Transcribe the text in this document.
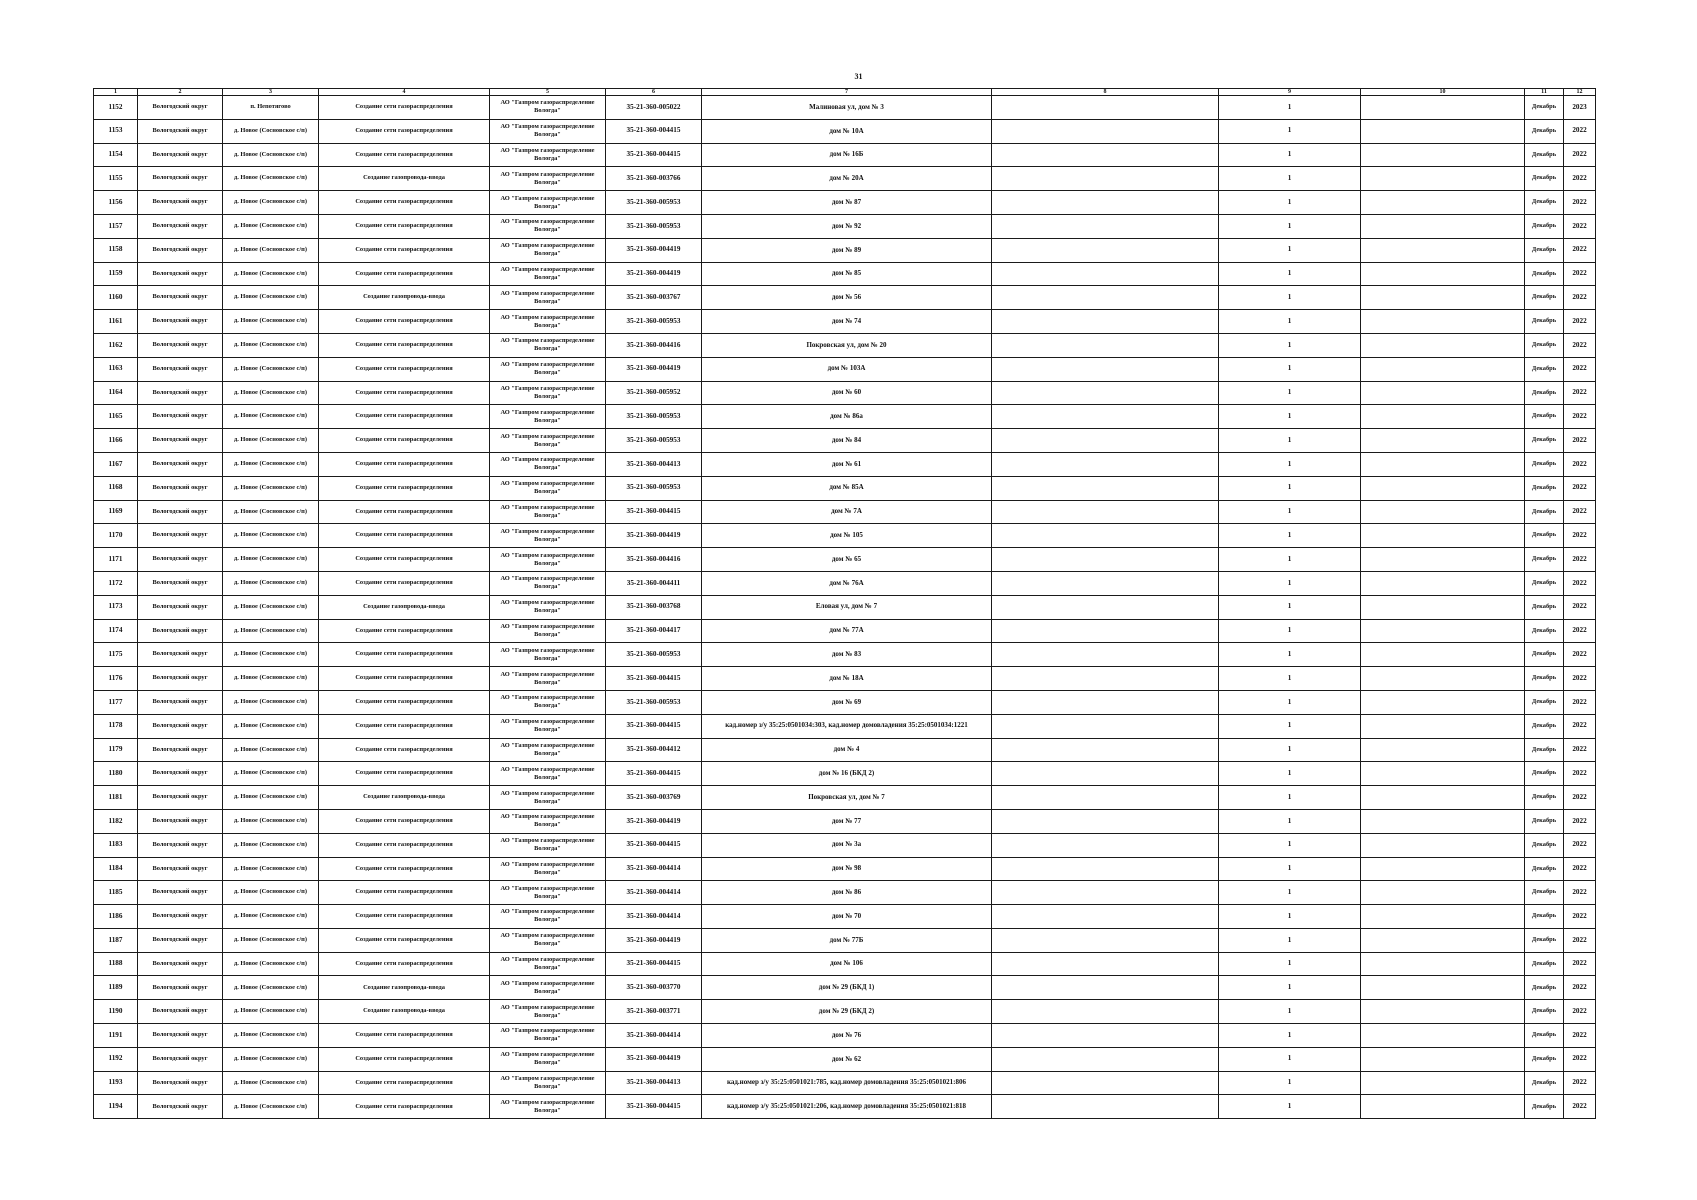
31
1	2	3	4	5	6	7	8	9	10	11	12
1152	Вологодский округ	п. Непотягово	Создание сети газораспределения	АО "Газпром газораспределение Вологда"	35-21-360-005022	Малиновая ул, дом № 3		1		Декабрь	2023
1153	Вологодский округ	д. Новое (Сосновское с/п)	Создание сети газораспределения	АО "Газпром газораспределение Вологда"	35-21-360-004415	дом № 10А		1		Декабрь	2022
1154	Вологодский округ	д. Новое (Сосновское с/п)	Создание сети газораспределения	АО "Газпром газораспределение Вологда"	35-21-360-004415	дом № 16Б		1		Декабрь	2022
1155	Вологодский округ	д. Новое (Сосновское с/п)	Создание газопровода-ввода	АО "Газпром газораспределение Вологда"	35-21-360-003766	дом № 20А		1		Декабрь	2022
1156	Вологодский округ	д. Новое (Сосновское с/п)	Создание сети газораспределения	АО "Газпром газораспределение Вологда"	35-21-360-005953	дом № 87		1		Декабрь	2022
1157	Вологодский округ	д. Новое (Сосновское с/п)	Создание сети газораспределения	АО "Газпром газораспределение Вологда"	35-21-360-005953	дом № 92		1		Декабрь	2022
1158	Вологодский округ	д. Новое (Сосновское с/п)	Создание сети газораспределения	АО "Газпром газораспределение Вологда"	35-21-360-004419	дом № 89		1		Декабрь	2022
1159	Вологодский округ	д. Новое (Сосновское с/п)	Создание сети газораспределения	АО "Газпром газораспределение Вологда"	35-21-360-004419	дом № 85		1		Декабрь	2022
1160	Вологодский округ	д. Новое (Сосновское с/п)	Создание газопровода-ввода	АО "Газпром газораспределение Вологда"	35-21-360-003767	дом № 56		1		Декабрь	2022
1161	Вологодский округ	д. Новое (Сосновское с/п)	Создание сети газораспределения	АО "Газпром газораспределение Вологда"	35-21-360-005953	дом № 74		1		Декабрь	2022
1162	Вологодский округ	д. Новое (Сосновское с/п)	Создание сети газораспределения	АО "Газпром газораспределение Вологда"	35-21-360-004416	Покровская ул, дом № 20		1		Декабрь	2022
1163	Вологодский округ	д. Новое (Сосновское с/п)	Создание сети газораспределения	АО "Газпром газораспределение Вологда"	35-21-360-004419	дом № 103А		1		Декабрь	2022
1164	Вологодский округ	д. Новое (Сосновское с/п)	Создание сети газораспределения	АО "Газпром газораспределение Вологда"	35-21-360-005952	дом № 60		1		Декабрь	2022
1165	Вологодский округ	д. Новое (Сосновское с/п)	Создание сети газораспределения	АО "Газпром газораспределение Вологда"	35-21-360-005953	дом № 86а		1		Декабрь	2022
1166	Вологодский округ	д. Новое (Сосновское с/п)	Создание сети газораспределения	АО "Газпром газораспределение Вологда"	35-21-360-005953	дом № 84		1		Декабрь	2022
1167	Вологодский округ	д. Новое (Сосновское с/п)	Создание сети газораспределения	АО "Газпром газораспределение Вологда"	35-21-360-004413	дом № 61		1		Декабрь	2022
1168	Вологодский округ	д. Новое (Сосновское с/п)	Создание сети газораспределения	АО "Газпром газораспределение Вологда"	35-21-360-005953	дом № 85А		1		Декабрь	2022
1169	Вологодский округ	д. Новое (Сосновское с/п)	Создание сети газораспределения	АО "Газпром газораспределение Вологда"	35-21-360-004415	дом № 7А		1		Декабрь	2022
1170	Вологодский округ	д. Новое (Сосновское с/п)	Создание сети газораспределения	АО "Газпром газораспределение Вологда"	35-21-360-004419	дом № 105		1		Декабрь	2022
1171	Вологодский округ	д. Новое (Сосновское с/п)	Создание сети газораспределения	АО "Газпром газораспределение Вологда"	35-21-360-004416	дом № 65		1		Декабрь	2022
1172	Вологодский округ	д. Новое (Сосновское с/п)	Создание сети газораспределения	АО "Газпром газораспределение Вологда"	35-21-360-004411	дом № 76А		1		Декабрь	2022
1173	Вологодский округ	д. Новое (Сосновское с/п)	Создание газопровода-ввода	АО "Газпром газораспределение Вологда"	35-21-360-003768	Еловая ул, дом № 7		1		Декабрь	2022
1174	Вологодский округ	д. Новое (Сосновское с/п)	Создание сети газораспределения	АО "Газпром газораспределение Вологда"	35-21-360-004417	дом № 77А		1		Декабрь	2022
1175	Вологодский округ	д. Новое (Сосновское с/п)	Создание сети газораспределения	АО "Газпром газораспределение Вологда"	35-21-360-005953	дом № 83		1		Декабрь	2022
1176	Вологодский округ	д. Новое (Сосновское с/п)	Создание сети газораспределения	АО "Газпром газораспределение Вологда"	35-21-360-004415	дом № 18А		1		Декабрь	2022
1177	Вологодский округ	д. Новое (Сосновское с/п)	Создание сети газораспределения	АО "Газпром газораспределение Вологда"	35-21-360-005953	дом № 69		1		Декабрь	2022
1178	Вологодский округ	д. Новое (Сосновское с/п)	Создание сети газораспределения	АО "Газпром газораспределение Вологда"	35-21-360-004415	кад.номер з/у 35:25:0501034:303, кад.номер домовладения 35:25:0501034:1221		1		Декабрь	2022
1179	Вологодский округ	д. Новое (Сосновское с/п)	Создание сети газораспределения	АО "Газпром газораспределение Вологда"	35-21-360-004412	дом № 4		1		Декабрь	2022
1180	Вологодский округ	д. Новое (Сосновское с/п)	Создание сети газораспределения	АО "Газпром газораспределение Вологда"	35-21-360-004415	дом № 16 (БКД 2)		1		Декабрь	2022
1181	Вологодский округ	д. Новое (Сосновское с/п)	Создание газопровода-ввода	АО "Газпром газораспределение Вологда"	35-21-360-003769	Покровская ул, дом № 7		1		Декабрь	2022
1182	Вологодский округ	д. Новое (Сосновское с/п)	Создание сети газораспределения	АО "Газпром газораспределение Вологда"	35-21-360-004419	дом № 77		1		Декабрь	2022
1183	Вологодский округ	д. Новое (Сосновское с/п)	Создание сети газораспределения	АО "Газпром газораспределение Вологда"	35-21-360-004415	дом № 3а		1		Декабрь	2022
1184	Вологодский округ	д. Новое (Сосновское с/п)	Создание сети газораспределения	АО "Газпром газораспределение Вологда"	35-21-360-004414	дом № 98		1		Декабрь	2022
1185	Вологодский округ	д. Новое (Сосновское с/п)	Создание сети газораспределения	АО "Газпром газораспределение Вологда"	35-21-360-004414	дом № 86		1		Декабрь	2022
1186	Вологодский округ	д. Новое (Сосновское с/п)	Создание сети газораспределения	АО "Газпром газораспределение Вологда"	35-21-360-004414	дом № 70		1		Декабрь	2022
1187	Вологодский округ	д. Новое (Сосновское с/п)	Создание сети газораспределения	АО "Газпром газораспределение Вологда"	35-21-360-004419	дом № 77Б		1		Декабрь	2022
1188	Вологодский округ	д. Новое (Сосновское с/п)	Создание сети газораспределения	АО "Газпром газораспределение Вологда"	35-21-360-004415	дом № 106		1		Декабрь	2022
1189	Вологодский округ	д. Новое (Сосновское с/п)	Создание газопровода-ввода	АО "Газпром газораспределение Вологда"	35-21-360-003770	дом № 29 (БКД 1)		1		Декабрь	2022
1190	Вологодский округ	д. Новое (Сосновское с/п)	Создание газопровода-ввода	АО "Газпром газораспределение Вологда"	35-21-360-003771	дом № 29 (БКД 2)		1		Декабрь	2022
1191	Вологодский округ	д. Новое (Сосновское с/п)	Создание сети газораспределения	АО "Газпром газораспределение Вологда"	35-21-360-004414	дом № 76		1		Декабрь	2022
1192	Вологодский округ	д. Новое (Сосновское с/п)	Создание сети газораспределения	АО "Газпром газораспределение Вологда"	35-21-360-004419	дом № 62		1		Декабрь	2022
1193	Вологодский округ	д. Новое (Сосновское с/п)	Создание сети газораспределения	АО "Газпром газораспределение Вологда"	35-21-360-004413	кад.номер з/у 35:25:0501021:785, кад.номер домовладения 35:25:0501021:806		1		Декабрь	2022
1194	Вологодский округ	д. Новое (Сосновское с/п)	Создание сети газораспределения	АО "Газпром газораспределение Вологда"	35-21-360-004415	кад.номер з/у 35:25:0501021:206, кад.номер домовладения 35:25:0501021:818		1		Декабрь	2022
